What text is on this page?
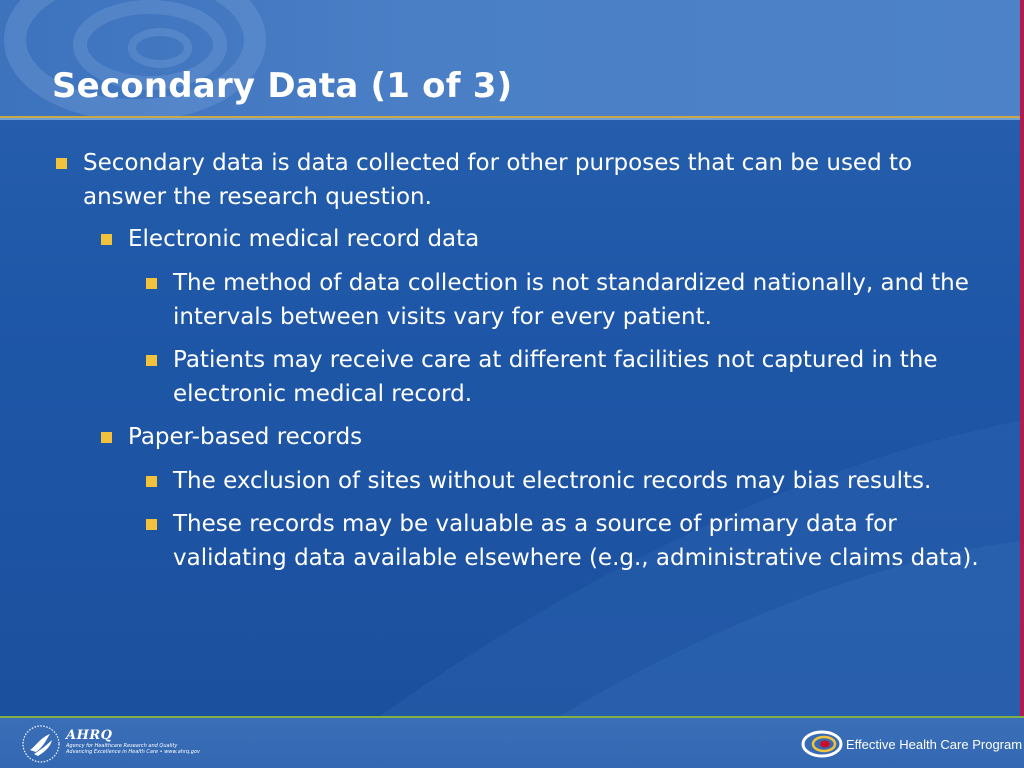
Secondary Data (1 of 3)
Secondary data is data collected for other purposes that can be used to answer the research question.
Electronic medical record data
The method of data collection is not standardized nationally, and the intervals between visits vary for every patient.
Patients may receive care at different facilities not captured in the electronic medical record.
Paper-based records
The exclusion of sites without electronic records may bias results.
These records may be valuable as a source of primary data for validating data available elsewhere (e.g., administrative claims data).
AHRQ
Agency for Healthcare Research and Quality
Advancing Excellence in Health Care • www.ahrq.gov	Effective Health Care Program
